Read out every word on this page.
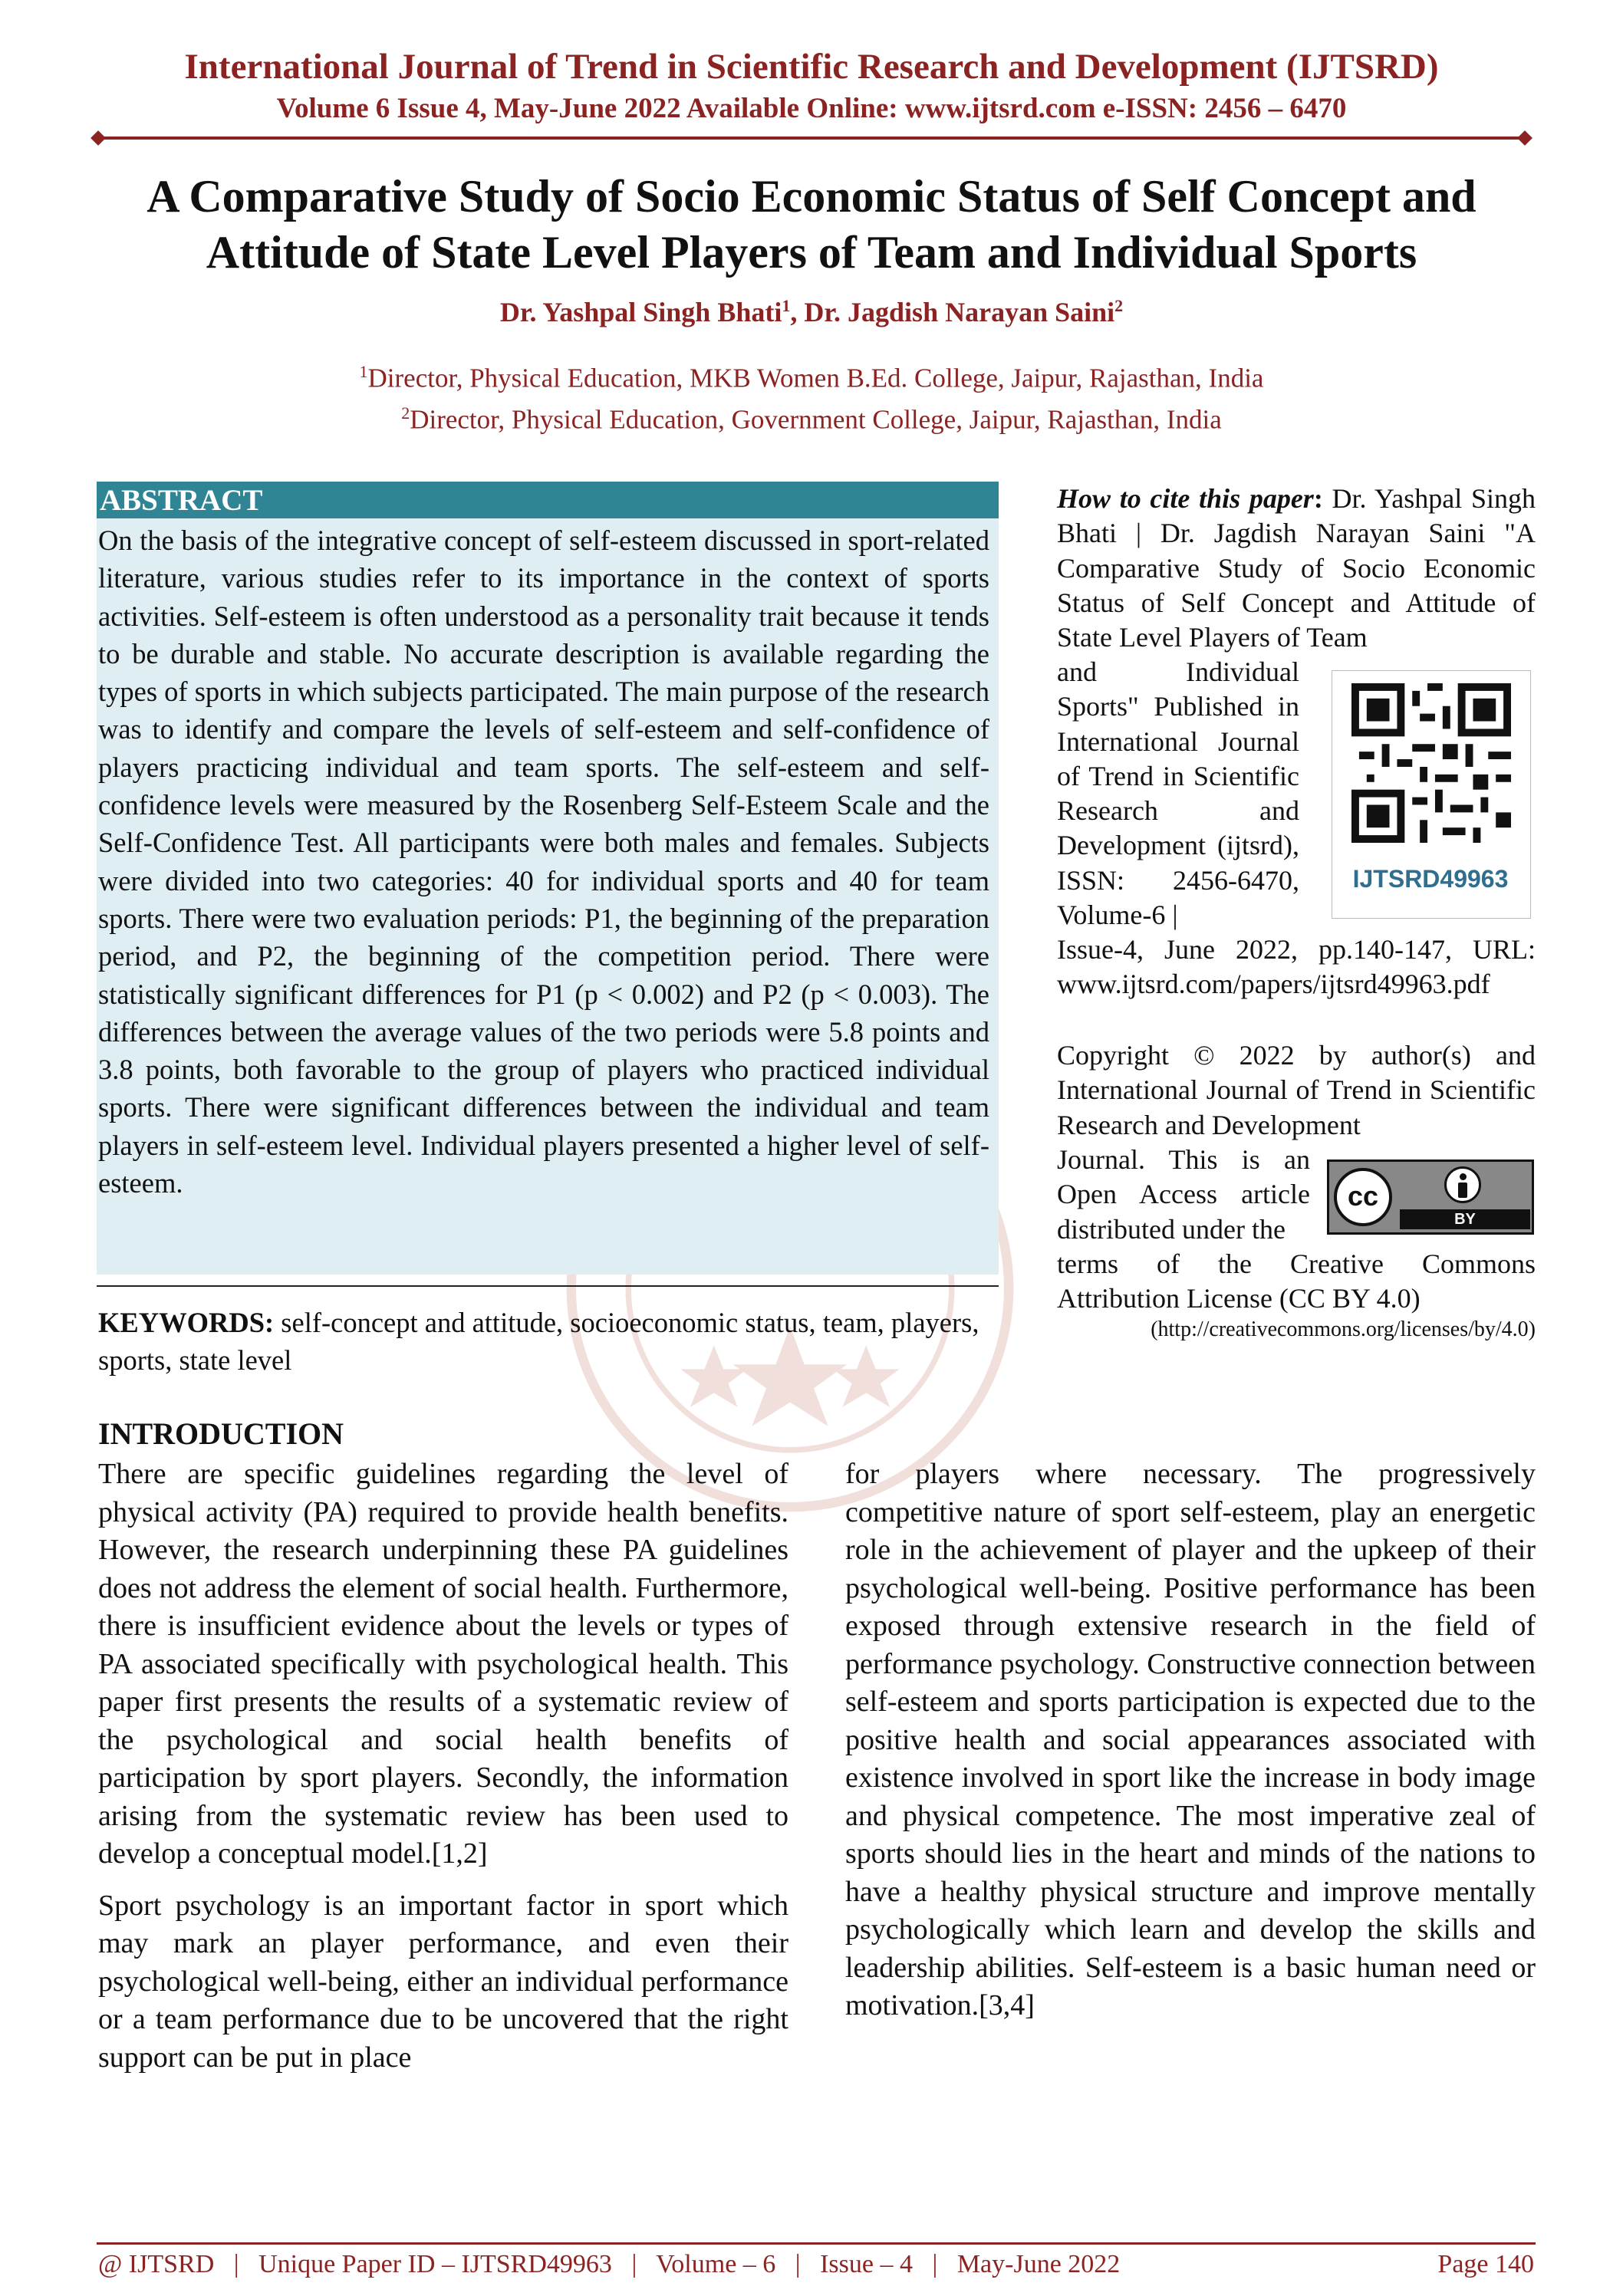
International Journal of Trend in Scientific Research and Development (IJTSRD)
Volume 6 Issue 4, May-June 2022 Available Online: www.ijtsrd.com e-ISSN: 2456 – 6470
A Comparative Study of Socio Economic Status of Self Concept and
Attitude of State Level Players of Team and Individual Sports
Dr. Yashpal Singh Bhati$^1$, Dr. Jagdish Narayan Saini$^2$
$^1$Director, Physical Education, MKB Women B.Ed. College, Jaipur, Rajasthan, India
$^2$Director, Physical Education, Government College, Jaipur, Rajasthan, India
ABSTRACT
On the basis of the integrative concept of self-esteem discussed in sport-related literature, various studies refer to its importance in the context of sports activities. Self-esteem is often understood as a personality trait because it tends to be durable and stable. No accurate description is available regarding the types of sports in which subjects participated. The main purpose of the research was to identify and compare the levels of self-esteem and self-confidence of players practicing individual and team sports. The self-esteem and self-confidence levels were measured by the Rosenberg Self-Esteem Scale and the Self-Confidence Test. All participants were both males and females. Subjects were divided into two categories: 40 for individual sports and 40 for team sports. There were two evaluation periods: P1, the beginning of the preparation period, and P2, the beginning of the competition period. There were statistically significant differences for P1 (p < 0.002) and P2 (p < 0.003). The differences between the average values of the two periods were 5.8 points and 3.8 points, both favorable to the group of players who practiced individual sports. There were significant differences between the individual and team players in self-esteem level. Individual players presented a higher level of self-esteem.
KEYWORDS: self-concept and attitude, socioeconomic status, team, players, sports, state level
How to cite this paper: Dr. Yashpal Singh Bhati | Dr. Jagdish Narayan Saini "A Comparative Study of Socio Economic Status of Self Concept and Attitude of State Level Players of Team
and Individual Sports" Published in International Journal of Trend in Scientific Research and Development (ijtsrd), ISSN: 2456-6470, Volume-6 |
IJTSRD49963
Issue-4, June 2022, pp.140-147, URL: www.ijtsrd.com/papers/ijtsrd49963.pdf
Copyright © 2022 by author(s) and International Journal of Trend in Scientific Research and Development
Journal. This is an Open Access article distributed under the
cc
BY
terms of the Creative Commons Attribution License (CC BY 4.0)
(http://creativecommons.org/licenses/by/4.0)
INTRODUCTION

There are specific guidelines regarding the level of physical activity (PA) required to provide health benefits. However, the research underpinning these PA guidelines does not address the element of social health. Furthermore, there is insufficient evidence about the levels or types of PA associated specifically with psychological health. This paper first presents the results of a systematic review of the psychological and social health benefits of participation by sport players. Secondly, the information arising from the systematic review has been used to develop a conceptual model.[1,2]

Sport psychology is an important factor in sport which may mark an player performance, and even their psychological well-being, either an individual performance or a team performance due to be uncovered that the right support can be put in place

for players where necessary. The progressively competitive nature of sport self-esteem, play an energetic role in the achievement of player and the upkeep of their psychological well-being. Positive performance has been exposed through extensive research in the field of performance psychology. Constructive connection between self-esteem and sports participation is expected due to the positive health and social appearances associated with existence involved in sport like the increase in body image and physical competence. The most imperative zeal of sports should lies in the heart and minds of the nations to have a healthy physical structure and improve mentally psychologically which learn and develop the skills and leadership abilities. Self-esteem is a basic human need or motivation.[3,4]

@ IJTSRD | Unique Paper ID – IJTSRD49963 | Volume – 6 | Issue – 4 | May-June 2022	Page 140
